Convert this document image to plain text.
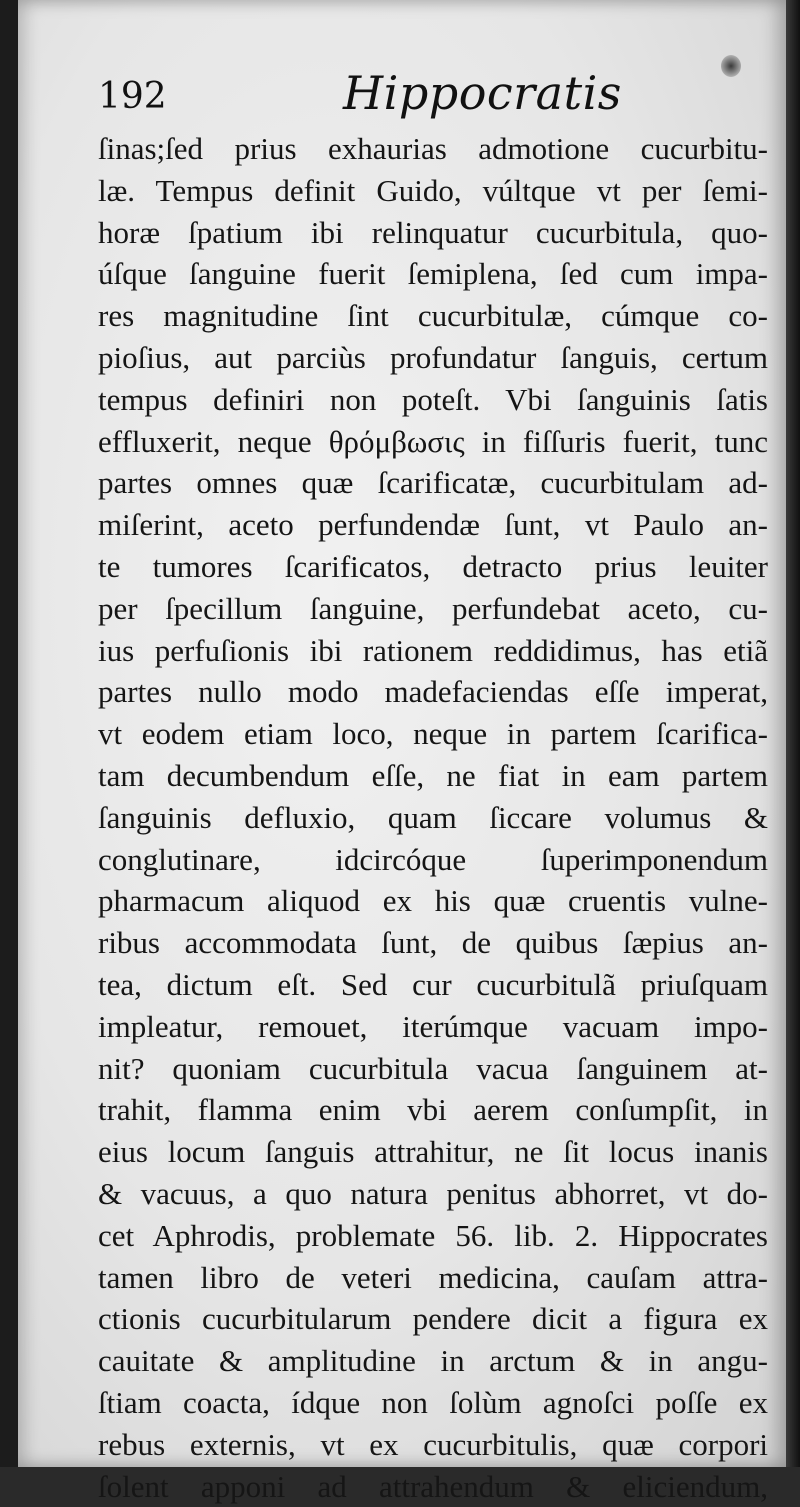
192	Hippocratis
ſinas;ſed prius exhaurias admotione cucurbitu-
læ. Tempus definit Guido, vúltque vt per ſemi-
horæ ſpatium ibi relinquatur cucurbitula, quo-
úſque ſanguine fuerit ſemiplena, ſed cum impa-
res magnitudine ſint cucurbitulæ, cúmque co-
pioſius, aut parciùs profundatur ſanguis, certum
tempus definiri non poteſt. Vbi ſanguinis ſatis
effluxerit, neque θρόμβωσις in fiſſuris fuerit, tunc
partes omnes quæ ſcarificatæ, cucurbitulam ad-
miſerint, aceto perfundendæ ſunt, vt Paulo an-
te tumores ſcarificatos, detracto prius leuiter
per ſpecillum ſanguine, perfundebat aceto, cu-
ius perfuſionis ibi rationem reddidimus, has etiã
partes nullo modo madefaciendas eſſe imperat,
vt eodem etiam loco, neque in partem ſcarifica-
tam decumbendum eſſe, ne fiat in eam partem
ſanguinis defluxio, quam ſiccare volumus &
conglutinare, idcircóque ſuperimponendum
pharmacum aliquod ex his quæ cruentis vulne-
ribus accommodata ſunt, de quibus ſæpius an-
tea, dictum eſt. Sed cur cucurbitulã priuſquam
impleatur, remouet, iterúmque vacuam impo-
nit? quoniam cucurbitula vacua ſanguinem at-
trahit, flamma enim vbi aerem conſumpſit, in
eius locum ſanguis attrahitur, ne ſit locus inanis
& vacuus, a quo natura penitus abhorret, vt do-
cet Aphrodis, problemate 56. lib. 2. Hippocrates
tamen libro de veteri medicina, cauſam attra-
ctionis cucurbitularum pendere dicit a figura ex
cauitate & amplitudine in arctum & in angu-
ſtiam coacta, ídque non ſolùm agnoſci poſſe ex
rebus externis, vt ex cucurbitulis, quæ corpori
ſolent apponi ad attrahendum & eliciendum,
